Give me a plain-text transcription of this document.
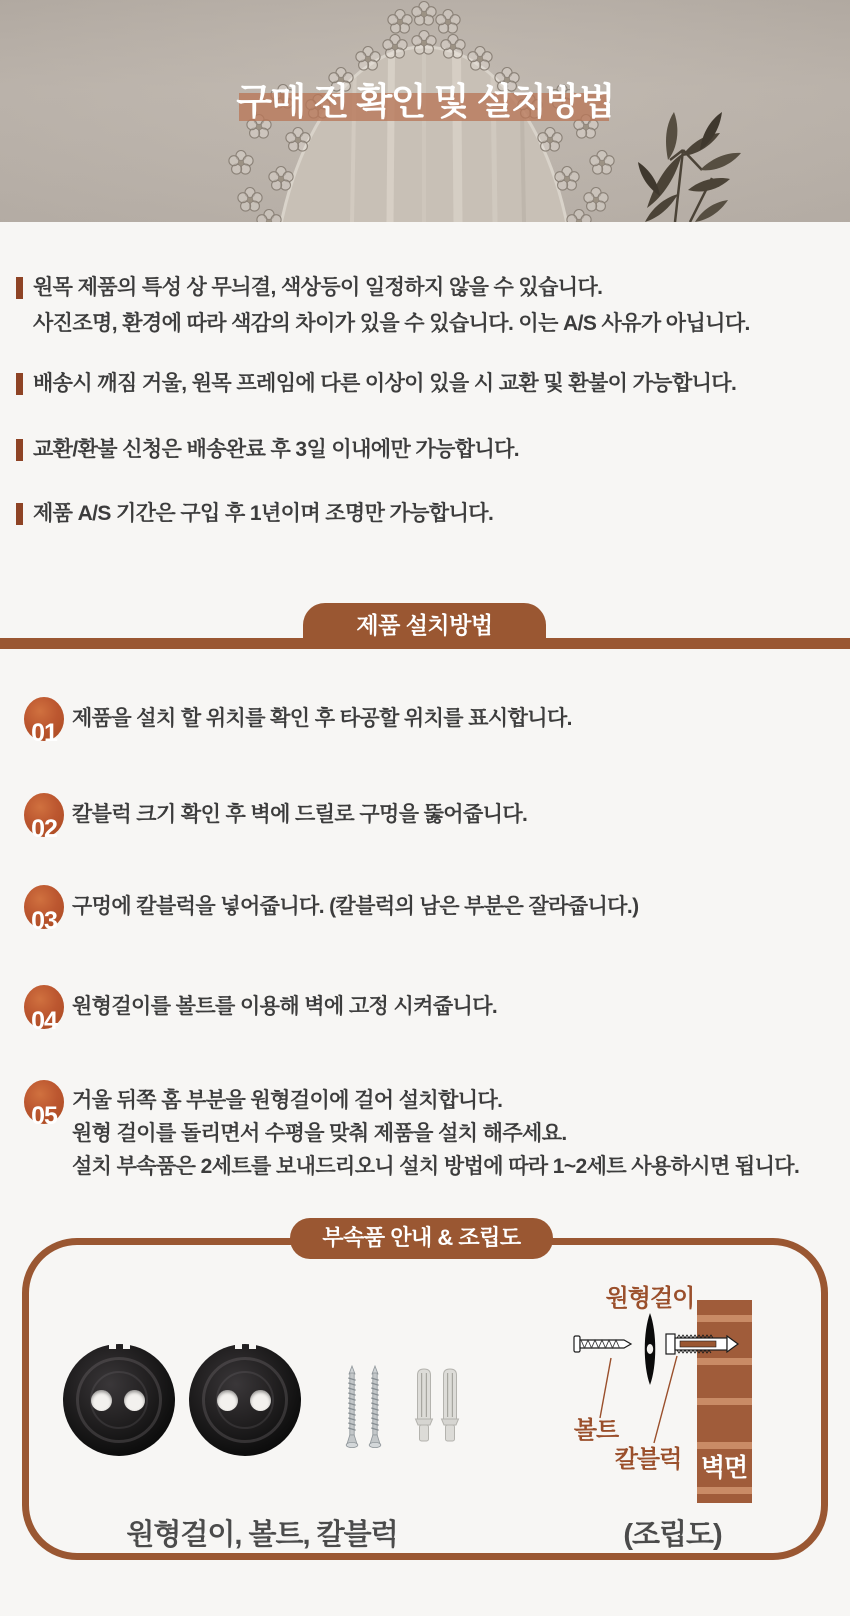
구매 전 확인 및 설치방법
원목 제품의 특성 상 무늬결, 색상등이 일정하지 않을 수 있습니다.
사진조명, 환경에 따라 색감의 차이가 있을 수 있습니다. 이는 A/S 사유가 아닙니다.
배송시 깨짐 거울, 원목 프레임에 다른 이상이 있을 시 교환 및 환불이 가능합니다.
교환/환불 신청은 배송완료 후 3일 이내에만 가능합니다.
제품 A/S 기간은 구입 후 1년이며 조명만 가능합니다.
제품 설치방법
01
제품을 설치 할 위치를 확인 후 타공할 위치를 표시합니다.
02
칼블럭 크기 확인 후 벽에 드릴로 구멍을 뚫어줍니다.
03
구멍에 칼블럭을 넣어줍니다. (칼블럭의 남은 부분은 잘라줍니다.)
04
원형걸이를 볼트를 이용해 벽에 고정 시켜줍니다.
05
거울 뒤쪽 홈 부분을 원형걸이에 걸어 설치합니다.
원형 걸이를 돌리면서 수평을 맞춰 제품을 설치 해주세요.
설치 부속품은 2세트를 보내드리오니 설치 방법에 따라 1~2세트 사용하시면 됩니다.
부속품 안내 & 조립도
원형걸이
볼트
칼블럭 벽면
원형걸이, 볼트, 칼블럭	(조립도)
